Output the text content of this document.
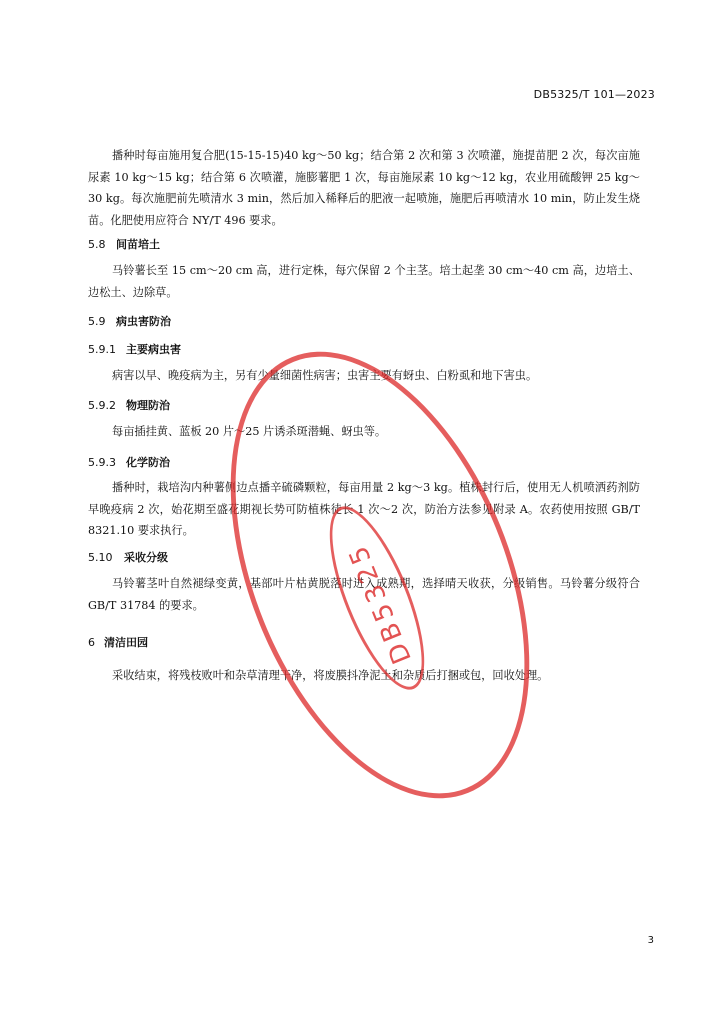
DB5325/T 101—2023
播种时每亩施用复合肥(15-15-15)40 kg～50 kg；结合第 2 次和第 3 次喷灌，施提苗肥 2 次，每次亩施尿素 10 kg～15 kg；结合第 6 次喷灌，施膨薯肥 1 次，每亩施尿素 10 kg～12 kg，农业用硫酸钾 25 kg～30 kg。每次施肥前先喷清水 3 min，然后加入稀释后的肥液一起喷施，施肥后再喷清水 10 min，防止发生烧苗。化肥使用应符合 NY/T 496 要求。
5.8 间苗培土
马铃薯长至 15 cm～20 cm 高，进行定株，每穴保留 2 个主茎。培土起垄 30 cm～40 cm 高，边培土、边松土、边除草。
5.9 病虫害防治
5.9.1 主要病虫害
病害以早、晚疫病为主，另有少量细菌性病害；虫害主要有蚜虫、白粉虱和地下害虫。
5.9.2 物理防治
每亩插挂黄、蓝板 20 片～25 片诱杀斑潜蝇、蚜虫等。
5.9.3 化学防治
播种时，栽培沟内种薯侧边点播辛硫磷颗粒，每亩用量 2 kg～3 kg。植株封行后，使用无人机喷洒药剂防早晚疫病 2 次，始花期至盛花期视长势可防植株徒长 1 次～2 次，防治方法参见附录 A。农药使用按照 GB/T 8321.10 要求执行。
5.10 采收分级
马铃薯茎叶自然褪绿变黄，基部叶片枯黄脱落时进入成熟期，选择晴天收获，分级销售。马铃薯分级符合 GB/T 31784 的要求。
6 清洁田园
采收结束，将残枝败叶和杂草清理干净，将废膜抖净泥土和杂质后打捆或包，回收处理。
DB5325
3
